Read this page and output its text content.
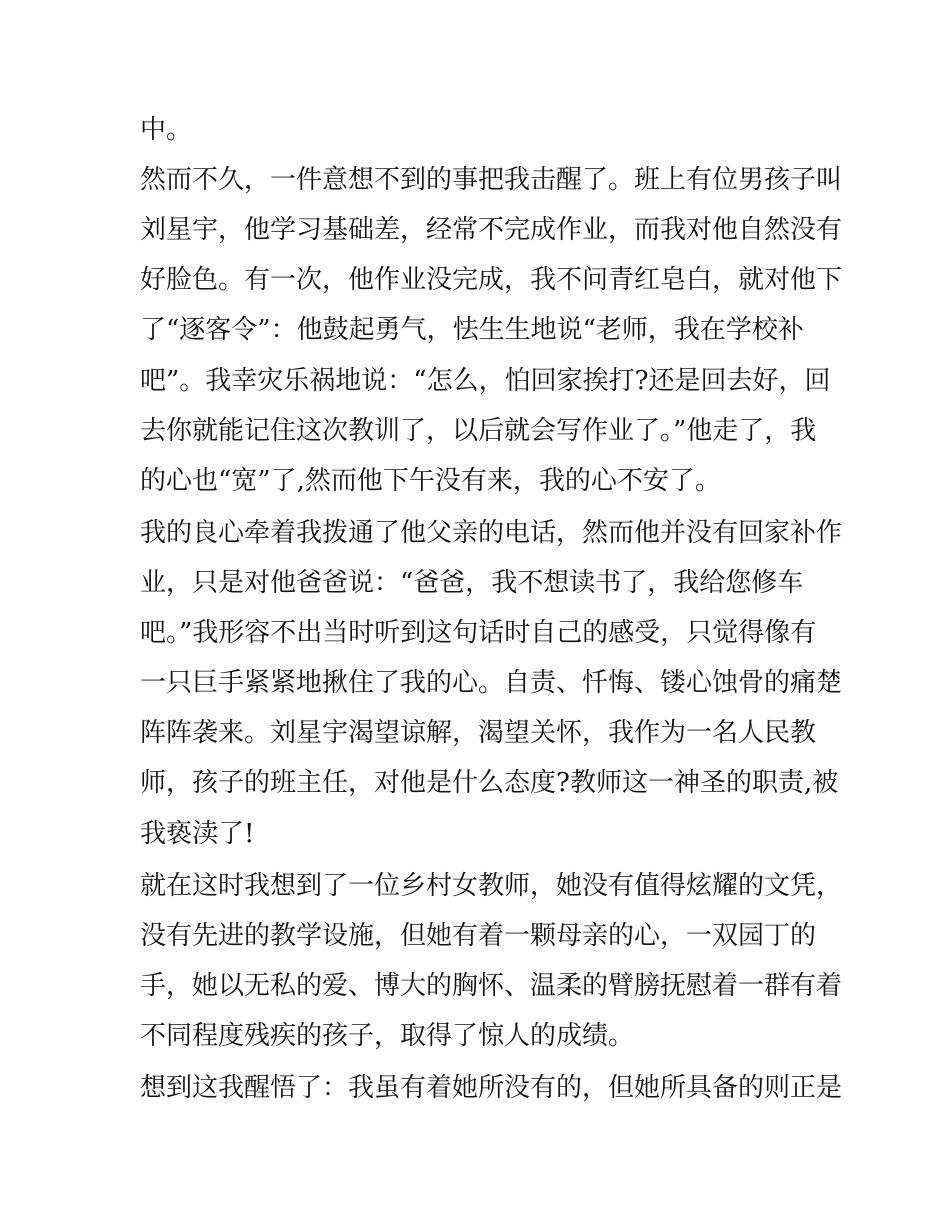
中。

然而不久，一件意想不到的事把我击醒了。班上有位男孩子叫

刘星宇，他学习基础差，经常不完成作业，而我对他自然没有

好脸色。有一次，他作业没完成，我不问青红皂白，就对他下

了“逐客令”：他鼓起勇气，怯生生地说“老师，我在学校补

吧”。我幸灾乐祸地说：“怎么，怕回家挨打?还是回去好，回

去你就能记住这次教训了，以后就会写作业了。”他走了，我

的心也“宽”了,然而他下午没有来，我的心不安了。

我的良心牵着我拨通了他父亲的电话，然而他并没有回家补作

业，只是对他爸爸说：“爸爸，我不想读书了，我给您修车

吧。”我形容不出当时听到这句话时自己的感受，只觉得像有

一只巨手紧紧地揪住了我的心。自责、忏悔、镂心蚀骨的痛楚

阵阵袭来。刘星宇渴望谅解，渴望关怀，我作为一名人民教

师，孩子的班主任，对他是什么态度?教师这一神圣的职责,被

我亵渎了!

就在这时我想到了一位乡村女教师，她没有值得炫耀的文凭，

没有先进的教学设施，但她有着一颗母亲的心，一双园丁的

手，她以无私的爱、博大的胸怀、温柔的臂膀抚慰着一群有着

不同程度残疾的孩子，取得了惊人的成绩。

想到这我醒悟了：我虽有着她所没有的，但她所具备的则正是
